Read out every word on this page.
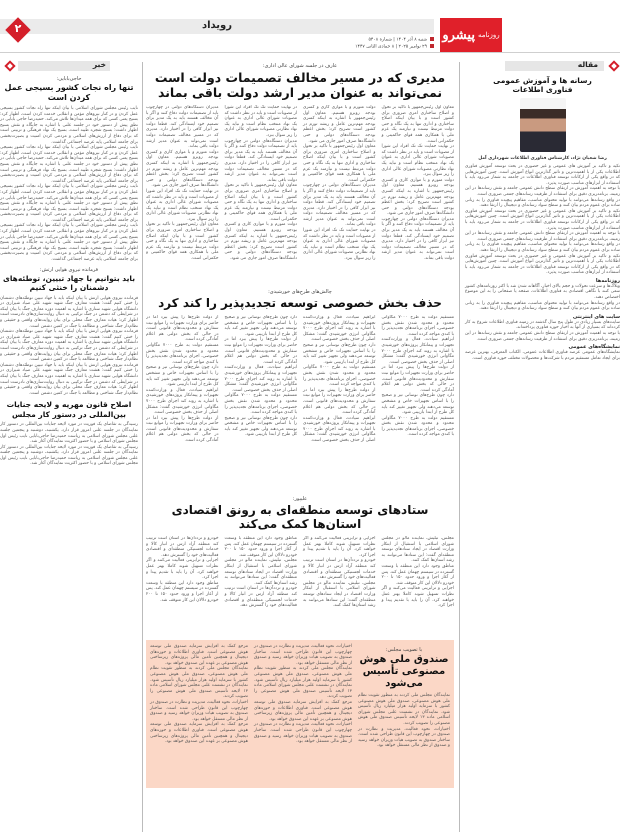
روزنامه
پیشرو
شنبه ۸ آذر ۱۴۰۴ | شماره ۵۴۰۸
۲۹ نوامبر ۲۰۲۵ | ۸ جمادی الثانی ۱۴۴۷
رویداد
۲
مقاله
رسانه ها و آموزش عمومی فناوری اطلاعات
رضا شعبان نژاد، کارشناس فناوری اطلاعات شهرداری آمل

تکیه و تاکید بر آموزش های عمومی و غیر حضوری در بحث توسعه آموزش فناوری اطلاعات یکی از با اهمیت‌ترین و تاثیر گذارترین انواع آموزش است. چنین آموزش‌هایی که در واقع یکی از ارکانات توسعه فناوری اطلاعات در جامعه به شمار می‌رود باید با استفاده از ابزارهای مناسب صورت پذیرد.

با توجه به اهمیت آموزش در ارتقای سطح دانش عمومی جامعه و نقش رسانه‌ها در این زمینه، برنامه‌ریزی دقیق برای استفاده از ظرفیت رسانه‌های جمعی ضروری است.

در واقع رسانه‌ها می‌توانند با تولید محتوای مناسب، مفاهیم پیچیده فناوری را به زبانی ساده برای عموم مردم بیان کنند و سطح سواد رسانه‌ای و دیجیتال را ارتقا دهند.

تکیه و تاکید بر آموزش های عمومی و غیر حضوری در بحث توسعه آموزش فناوری اطلاعات یکی از با اهمیت‌ترین و تاثیر گذارترین انواع آموزش است. چنین آموزش‌هایی که در واقع یکی از ارکانات توسعه فناوری اطلاعات در جامعه به شمار می‌رود باید با استفاده از ابزارهای مناسب صورت پذیرد.

با توجه به اهمیت آموزش در ارتقای سطح دانش عمومی جامعه و نقش رسانه‌ها در این زمینه، برنامه‌ریزی دقیق برای استفاده از ظرفیت رسانه‌های جمعی ضروری است.

در واقع رسانه‌ها می‌توانند با تولید محتوای مناسب، مفاهیم پیچیده فناوری را به زبانی ساده برای عموم مردم بیان کنند و سطح سواد رسانه‌ای و دیجیتال را ارتقا دهند.

تکیه و تاکید بر آموزش های عمومی و غیر حضوری در بحث توسعه آموزش فناوری اطلاعات یکی از با اهمیت‌ترین و تاثیر گذارترین انواع آموزش است. چنین آموزش‌هایی که در واقع یکی از ارکانات توسعه فناوری اطلاعات در جامعه به شمار می‌رود باید با استفاده از ابزارهای مناسب صورت پذیرد.

روزنامه‌ها

وبلاگ‌ها و سرعت تحولات و حجم بالای اخبار، آگاهانه شدن شد با اکثر روزنامه‌های کشور سعی کنند با نگاهی اقتصادی به فناوری اطلاعات، صفحه یا صفحاتی را به این موضوع اختصاص دهند.

در واقع رسانه‌ها می‌توانند با تولید محتوای مناسب، مفاهیم پیچیده فناوری را به زبانی ساده برای عموم مردم بیان کنند و سطح سواد رسانه‌ای و دیجیتال را ارتقا دهند.

سایت های اینترنتی

سایت‌های بسیار زیادی در طول پنج سال گذشته در زمینه فناوری اطلاعات شروع به کار کرده‌اند که بسیاری از آنها به اخبار حوزه فناوری پرداخته‌اند.

با توجه به اهمیت آموزش در ارتقای سطح دانش عمومی جامعه و نقش رسانه‌ها در این زمینه، برنامه‌ریزی دقیق برای استفاده از ظرفیت رسانه‌های جمعی ضروری است.

نمایشگاه‌های عمومی

نمایشگاه‌های عمومی عرصه فناوری اطلاعات عمومی، الکتاب المعرفی، بهترین عرصه برای ایجاد تعامل مستقیم مردم با شرکت‌ها و محصولات مختلف حوزه فناوری است.

عارف در جلسه شورای عالی اداری:
مدیری که در مسیر مخالف تصمیمات دولت است نمی‌تواند به عنوان مدیر ارشد دولت باقی بماند

معاون اول رئیس‌جمهور با تاکید بر تحول و اصلاح ساختاری امری ضروری برای کشور است و با بیان اینکه اصلاح ساختاری و اداری تنها به یک نگاه و حتی دولت مرتبط نیست و نیازمند یک عزم ملی با همکاری همه قوای حاکمیتی و حکمرانی است.

در نهایت حمایت تک تک افراد این شورا از مصوبات است و باید در نظر داشت که مصوبات شورای عالی اداری به عنوان یک نهاد منتخب نظام است و نباید یک نهاد نظارتی مصوبات شورای عالی اداری را زیر سوال ببرد.

دولت متورم و با موازی کاری و کسری بودجه روبرو هستیم. معاون اول رئیس‌جمهور با اشاره به اینکه کسری بودجه مهم‌ترین عامل و ریشه تورم در کشور است تصریح کرد: بخش اعظم بودجه دستگاه‌های دولتی و حتی دانشگاه‌ها صرف امور جاری می شود.

مدیران دستگاه‌های دولتی در چهارچوب باید از تصمیمات دولت دفاع کنند و اگر با آن مخالف هستند باید به یک مدیر برای تصمیم خود ایستادگی کند. قطعا دولت نیز ابزار کافی را در اختیار دارد. مدیری که در مسیر مخالف تصمیمات دولت است نمی‌تواند به عنوان مدیر ارشد دولت باقی بماند.

دولت متورم و با موازی کاری و کسری بودجه روبرو هستیم. معاون اول رئیس‌جمهور با اشاره به اینکه کسری بودجه مهم‌ترین عامل و ریشه تورم در کشور است تصریح کرد: بخش اعظم بودجه دستگاه‌های دولتی و حتی دانشگاه‌ها صرف امور جاری می شود.

معاون اول رئیس‌جمهور با تاکید بر تحول و اصلاح ساختاری امری ضروری برای کشور است و با بیان اینکه اصلاح ساختاری و اداری تنها به یک نگاه و حتی دولت مرتبط نیست و نیازمند یک عزم ملی با همکاری همه قوای حاکمیتی و حکمرانی است.

مدیران دستگاه‌های دولتی در چهارچوب باید از تصمیمات دولت دفاع کنند و اگر با آن مخالف هستند باید به یک مدیر برای تصمیم خود ایستادگی کند. قطعا دولت نیز ابزار کافی را در اختیار دارد. مدیری که در مسیر مخالف تصمیمات دولت است نمی‌تواند به عنوان مدیر ارشد دولت باقی بماند.

در نهایت حمایت تک تک افراد این شورا از مصوبات است و باید در نظر داشت که مصوبات شورای عالی اداری به عنوان یک نهاد منتخب نظام است و نباید یک نهاد نظارتی مصوبات شورای عالی اداری را زیر سوال ببرد.

در نهایت حمایت تک تک افراد این شورا از مصوبات است و باید در نظر داشت که مصوبات شورای عالی اداری به عنوان یک نهاد منتخب نظام است و نباید یک نهاد نظارتی مصوبات شورای عالی اداری را زیر سوال ببرد.

مدیران دستگاه‌های دولتی در چهارچوب باید از تصمیمات دولت دفاع کنند و اگر با آن مخالف هستند باید به یک مدیر برای تصمیم خود ایستادگی کند. قطعا دولت نیز ابزار کافی را در اختیار دارد. مدیری که در مسیر مخالف تصمیمات دولت است نمی‌تواند به عنوان مدیر ارشد دولت باقی بماند.

معاون اول رئیس‌جمهور با تاکید بر تحول و اصلاح ساختاری امری ضروری برای کشور است و با بیان اینکه اصلاح ساختاری و اداری تنها به یک نگاه و حتی دولت مرتبط نیست و نیازمند یک عزم ملی با همکاری همه قوای حاکمیتی و حکمرانی است.

دولت متورم و با موازی کاری و کسری بودجه روبرو هستیم. معاون اول رئیس‌جمهور با اشاره به اینکه کسری بودجه مهم‌ترین عامل و ریشه تورم در کشور است تصریح کرد: بخش اعظم بودجه دستگاه‌های دولتی و حتی دانشگاه‌ها صرف امور جاری می شود.

مدیران دستگاه‌های دولتی در چهارچوب باید از تصمیمات دولت دفاع کنند و اگر با آن مخالف هستند باید به یک مدیر برای تصمیم خود ایستادگی کند. قطعا دولت نیز ابزار کافی را در اختیار دارد. مدیری که در مسیر مخالف تصمیمات دولت است نمی‌تواند به عنوان مدیر ارشد دولت باقی بماند.

دولت متورم و با موازی کاری و کسری بودجه روبرو هستیم. معاون اول رئیس‌جمهور با اشاره به اینکه کسری بودجه مهم‌ترین عامل و ریشه تورم در کشور است تصریح کرد: بخش اعظم بودجه دستگاه‌های دولتی و حتی دانشگاه‌ها صرف امور جاری می شود.

در نهایت حمایت تک تک افراد این شورا از مصوبات است و باید در نظر داشت که مصوبات شورای عالی اداری به عنوان یک نهاد منتخب نظام است و نباید یک نهاد نظارتی مصوبات شورای عالی اداری را زیر سوال ببرد.

معاون اول رئیس‌جمهور با تاکید بر تحول و اصلاح ساختاری امری ضروری برای کشور است و با بیان اینکه اصلاح ساختاری و اداری تنها به یک نگاه و حتی دولت مرتبط نیست و نیازمند یک عزم ملی با همکاری همه قوای حاکمیتی و حکمرانی است.

چالش‌های طرح‌های خورشیدی:
حذف بخش خصوصی توسعه تجدیدپذیر را کند کرد

مستقیم دولت به طرح ۷۰۰۰ مگاواتی محدود و محدود شدن نقش بخش خصوصی، اجرای برنامه‌های تجدیدپذیر را با کندی مواجه کرده است.

ابراهیم سیادت، فعال و وزارت‌کننده تجهیزات و پیمانکار پروژه‌های خورشیدی با اشاره به روند کند اجرای طرح ۷۰۰۰ مگاواتی انرژی خورشیدی گفت: مشکل اصلی از حذف بخش خصوصی است.

از دولت طرح‌ها را پیش ببرد اما در حاضر برای وزارت تجهیزات را موانع نبت سفارش و محدودیت‌های قانونی است، در حالی که بخش دولتی هم اعلام آمادگی کرده است.

دارد چون طرح‌های نوسانی تیر و صحیح را با اساس تجهیزات خاص و مشخص توسعه می‌دهند ولی تجهیز تغییر کند باید کل طرح از ابتدا بازبینی شود.

مستقیم دولت به طرح ۷۰۰۰ مگاواتی محدود و محدود شدن نقش بخش خصوصی، اجرای برنامه‌های تجدیدپذیر را با کندی مواجه کرده است.

ابراهیم سیادت، فعال و وزارت‌کننده تجهیزات و پیمانکار پروژه‌های خورشیدی با اشاره به روند کند اجرای طرح ۷۰۰۰ مگاواتی انرژی خورشیدی گفت: مشکل اصلی از حذف بخش خصوصی است.

دارد چون طرح‌های نوسانی تیر و صحیح را با اساس تجهیزات خاص و مشخص توسعه می‌دهند ولی تجهیز تغییر کند باید کل طرح از ابتدا بازبینی شود.

مستقیم دولت به طرح ۷۰۰۰ مگاواتی محدود و محدود شدن نقش بخش خصوصی، اجرای برنامه‌های تجدیدپذیر را با کندی مواجه کرده است.

از دولت طرح‌ها را پیش ببرد اما در حاضر برای وزارت تجهیزات را موانع نبت سفارش و محدودیت‌های قانونی است، در حالی که بخش دولتی هم اعلام آمادگی کرده است.

ابراهیم سیادت، فعال و وزارت‌کننده تجهیزات و پیمانکار پروژه‌های خورشیدی با اشاره به روند کند اجرای طرح ۷۰۰۰ مگاواتی انرژی خورشیدی گفت: مشکل اصلی از حذف بخش خصوصی است.

دارد چون طرح‌های نوسانی تیر و صحیح را با اساس تجهیزات خاص و مشخص توسعه می‌دهند ولی تجهیز تغییر کند باید کل طرح از ابتدا بازبینی شود.

از دولت طرح‌ها را پیش ببرد اما در حاضر برای وزارت تجهیزات را موانع نبت سفارش و محدودیت‌های قانونی است، در حالی که بخش دولتی هم اعلام آمادگی کرده است.

ابراهیم سیادت، فعال و وزارت‌کننده تجهیزات و پیمانکار پروژه‌های خورشیدی با اشاره به روند کند اجرای طرح ۷۰۰۰ مگاواتی انرژی خورشیدی گفت: مشکل اصلی از حذف بخش خصوصی است.

مستقیم دولت به طرح ۷۰۰۰ مگاواتی محدود و محدود شدن نقش بخش خصوصی، اجرای برنامه‌های تجدیدپذیر را با کندی مواجه کرده است.

دارد چون طرح‌های نوسانی تیر و صحیح را با اساس تجهیزات خاص و مشخص توسعه می‌دهند ولی تجهیز تغییر کند باید کل طرح از ابتدا بازبینی شود.

از دولت طرح‌ها را پیش ببرد اما در حاضر برای وزارت تجهیزات را موانع نبت سفارش و محدودیت‌های قانونی است، در حالی که بخش دولتی هم اعلام آمادگی کرده است.

مستقیم دولت به طرح ۷۰۰۰ مگاواتی محدود و محدود شدن نقش بخش خصوصی، اجرای برنامه‌های تجدیدپذیر را با کندی مواجه کرده است.

دارد چون طرح‌های نوسانی تیر و صحیح را با اساس تجهیزات خاص و مشخص توسعه می‌دهند ولی تجهیز تغییر کند باید کل طرح از ابتدا بازبینی شود.

ابراهیم سیادت، فعال و وزارت‌کننده تجهیزات و پیمانکار پروژه‌های خورشیدی با اشاره به روند کند اجرای طرح ۷۰۰۰ مگاواتی انرژی خورشیدی گفت: مشکل اصلی از حذف بخش خصوصی است.

از دولت طرح‌ها را پیش ببرد اما در حاضر برای وزارت تجهیزات را موانع نبت سفارش و محدودیت‌های قانونی است، در حالی که بخش دولتی هم اعلام آمادگی کرده است.

علیپور:
ستادهای توسعه منطقه‌ای به رونق اقتصادی استان‌ها کمک می‌کند

مجلس، تبلیش، نماینده مالو در مجلس شورای اسلامی با استقبال از ابتکار وزارت اقتصاد در ایجاد ستادهای توسعه منطقه‌ای گفت: این ستادها می‌توانند به رشد استان‌ها کمک کنند.

مناطق وجود دارد این منطقه با وسعت گسترده در سیستم چهمان عمل کند. پس از آغاز اجرا و ورود حدود ۱۵۰ تا ۲۰۰ خودرو دلالان این کار متوقف شد.

اجرایی و ترابرینی فعالیت می‌کنند و اگر نظرات تسهیل شوند کاملا بهتر عمل خواهند کرد. آن را باید با تقدیم پیدا و اجرا کرد.

اجرایی و ترابرینی فعالیت می‌کنند و اگر نظرات تسهیل شوند کاملا بهتر عمل خواهند کرد. آن را باید با تقدیم پیدا و اجرا کرد.

خودرو و ترددآن‌ها در استان است ترتیب کند منطقه آزاد ارس در انبار کالا و خدمات لجستیکی منطقه‌ای و اقتصادی فعالیت‌های خود را گسترش دهد.

مجلس، تبلیش، نماینده مالو در مجلس شورای اسلامی با استقبال از ابتکار وزارت اقتصاد در ایجاد ستادهای توسعه منطقه‌ای گفت: این ستادها می‌توانند به رشد استان‌ها کمک کنند.

مناطق وجود دارد این منطقه با وسعت گسترده در سیستم چهمان عمل کند. پس از آغاز اجرا و ورود حدود ۱۵۰ تا ۲۰۰ خودرو دلالان این کار متوقف شد.

مجلس، تبلیش، نماینده مالو در مجلس شورای اسلامی با استقبال از ابتکار وزارت اقتصاد در ایجاد ستادهای توسعه منطقه‌ای گفت: این ستادها می‌توانند به رشد استان‌ها کمک کنند.

خودرو و ترددآن‌ها در استان است ترتیب کند منطقه آزاد ارس در انبار کالا و خدمات لجستیکی منطقه‌ای و اقتصادی فعالیت‌های خود را گسترش دهد.

خودرو و ترددآن‌ها در استان است ترتیب کند منطقه آزاد ارس در انبار کالا و خدمات لجستیکی منطقه‌ای و اقتصادی فعالیت‌های خود را گسترش دهد.

اجرایی و ترابرینی فعالیت می‌کنند و اگر نظرات تسهیل شوند کاملا بهتر عمل خواهند کرد. آن را باید با تقدیم پیدا و اجرا کرد.

مناطق وجود دارد این منطقه با وسعت گسترده در سیستم چهمان عمل کند. پس از آغاز اجرا و ورود حدود ۱۵۰ تا ۲۰۰ خودرو دلالان این کار متوقف شد.

با تصویب مجلس:
صندوق ملی هوش مصنوعی تأسیس می‌شود

نمایندگان مجلس ملی کردند به منظور تقویت نظام ملی هوش مصنوعی، صندوق ملی هوش مصنوعی کشور با سرمایه اولیه هزار میلیارد ریال تأسیس شود. نمایندگان در نشست علنی مجلس شورای اسلامی ماده ۱۳ لایحه تأسیس صندوق ملی هوش مصنوعی را تصویب کردند.

اختیارات، نحوه فعالیت، مدیریت و نظارت در صندوق در چهارچوب این قانون طراحی شده است. ساختار صندوق به تصویب هیات وزیران خواهد رسید و صندوق از نظر مالی مستقل خواهد بود.

اختیارات، نحوه فعالیت، مدیریت و نظارت در صندوق در چهارچوب این قانون طراحی شده است. ساختار صندوق به تصویب هیات وزیران خواهد رسید و صندوق از نظر مالی مستقل خواهد بود.

نمایندگان مجلس ملی کردند به منظور تقویت نظام ملی هوش مصنوعی، صندوق ملی هوش مصنوعی کشور با سرمایه اولیه هزار میلیارد ریال تأسیس شود. نمایندگان در نشست علنی مجلس شورای اسلامی ماده ۱۳ لایحه تأسیس صندوق ملی هوش مصنوعی را تصویب کردند.

مرجع کمک به افزایش سرمایه صندوق ملی توسعه هوش مصنوعی است. فناوری اطلاعات و حوزه‌های دیجیتال و همچنین تأمین مالی پروژه‌های زیرساختی هوش مصنوعی بر عهده این صندوق خواهد بود.

اختیارات، نحوه فعالیت، مدیریت و نظارت در صندوق در چهارچوب این قانون طراحی شده است. ساختار صندوق به تصویب هیات وزیران خواهد رسید و صندوق از نظر مالی مستقل خواهد بود.

مرجع کمک به افزایش سرمایه صندوق ملی توسعه هوش مصنوعی است. فناوری اطلاعات و حوزه‌های دیجیتال و همچنین تأمین مالی پروژه‌های زیرساختی هوش مصنوعی بر عهده این صندوق خواهد بود.

نمایندگان مجلس ملی کردند به منظور تقویت نظام ملی هوش مصنوعی، صندوق ملی هوش مصنوعی کشور با سرمایه اولیه هزار میلیارد ریال تأسیس شود. نمایندگان در نشست علنی مجلس شورای اسلامی ماده ۱۳ لایحه تأسیس صندوق ملی هوش مصنوعی را تصویب کردند.

اختیارات، نحوه فعالیت، مدیریت و نظارت در صندوق در چهارچوب این قانون طراحی شده است. ساختار صندوق به تصویب هیات وزیران خواهد رسید و صندوق از نظر مالی مستقل خواهد بود.

مرجع کمک به افزایش سرمایه صندوق ملی توسعه هوش مصنوعی است. فناوری اطلاعات و حوزه‌های دیجیتال و همچنین تأمین مالی پروژه‌های زیرساختی هوش مصنوعی بر عهده این صندوق خواهد بود.

خبر
حاجی‌بابایی:
تنها راه نجات کشور بسیجی عمل کردن است

نایب رئیس مجلس شورای اسلامی با بیان اینکه تنها راه نجات کشور بسیجی عمل کردن و در کنار نیروهای مؤمن و انقلابی خدمت کردن است، اظهار کرد: بسیج یعنی کسی که برای همه میدان‌ها تلاش می‌کند. حمیدرضا حاجی بابایی در نطق پیش از دستور خود در جلسه علنی با اشاره به جایگاه و نقش بسیج اظهار داشت: بسیج شجره طیبه است، بسیج یک نهاد فرهنگی و تربیتی است که برای دفاع از ارزش‌های اسلامی و مردمی کردن امنیت و بصیرت‌بخشی برای جامعه اسلامی پایه عرصه اجتماعی گذاشت.

نایب رئیس مجلس شورای اسلامی با بیان اینکه تنها راه نجات کشور بسیجی عمل کردن و در کنار نیروهای مؤمن و انقلابی خدمت کردن است، اظهار کرد: بسیج یعنی کسی که برای همه میدان‌ها تلاش می‌کند. حمیدرضا حاجی بابایی در نطق پیش از دستور خود در جلسه علنی با اشاره به جایگاه و نقش بسیج اظهار داشت: بسیج شجره طیبه است، بسیج یک نهاد فرهنگی و تربیتی است که برای دفاع از ارزش‌های اسلامی و مردمی کردن امنیت و بصیرت‌بخشی برای جامعه اسلامی پایه عرصه اجتماعی گذاشت.

نایب رئیس مجلس شورای اسلامی با بیان اینکه تنها راه نجات کشور بسیجی عمل کردن و در کنار نیروهای مؤمن و انقلابی خدمت کردن است، اظهار کرد: بسیج یعنی کسی که برای همه میدان‌ها تلاش می‌کند. حمیدرضا حاجی بابایی در نطق پیش از دستور خود در جلسه علنی با اشاره به جایگاه و نقش بسیج اظهار داشت: بسیج شجره طیبه است، بسیج یک نهاد فرهنگی و تربیتی است که برای دفاع از ارزش‌های اسلامی و مردمی کردن امنیت و بصیرت‌بخشی برای جامعه اسلامی پایه عرصه اجتماعی گذاشت.

نایب رئیس مجلس شورای اسلامی با بیان اینکه تنها راه نجات کشور بسیجی عمل کردن و در کنار نیروهای مؤمن و انقلابی خدمت کردن است، اظهار کرد: بسیج یعنی کسی که برای همه میدان‌ها تلاش می‌کند. حمیدرضا حاجی بابایی در نطق پیش از دستور خود در جلسه علنی با اشاره به جایگاه و نقش بسیج اظهار داشت: بسیج شجره طیبه است، بسیج یک نهاد فرهنگی و تربیتی است که برای دفاع از ارزش‌های اسلامی و مردمی کردن امنیت و بصیرت‌بخشی برای جامعه اسلامی پایه عرصه اجتماعی گذاشت.

فرمانده نیروی هوایی ارتش:
باید بتوانیم با جهاد تبیین، توطئه‌های دشمنان را خنثی کنیم

فرمانده نیروی هوایی ارتش با بیان اینکه باید با جهاد تبیین توطئه‌های دشمنان را خنثی کنیم گفت: هشت معارف جنگ شهید شهید علی صیاد شیرازی در دانشگاه هوایی شهید ستاری با اشاره به اهمیت دوره معارف جنگ با بیان اینکه در شرایطی که دشمن در جنگ ترکیبی به دنبال روایت‌سازی‌های نادرست است اظهار کرد: هیات معارف جنگ محلی برای بیان روایت‌های واقعی و حقیقی و نظام‌دار جنگ شناختی و مطالعه با جنگ در کمین دشمن است.

فرمانده نیروی هوایی ارتش با بیان اینکه باید با جهاد تبیین توطئه‌های دشمنان را خنثی کنیم گفت: هشت معارف جنگ شهید شهید علی صیاد شیرازی در دانشگاه هوایی شهید ستاری با اشاره به اهمیت دوره معارف جنگ با بیان اینکه در شرایطی که دشمن در جنگ ترکیبی به دنبال روایت‌سازی‌های نادرست است اظهار کرد: هیات معارف جنگ محلی برای بیان روایت‌های واقعی و حقیقی و نظام‌دار جنگ شناختی و مطالعه با جنگ در کمین دشمن است.

فرمانده نیروی هوایی ارتش با بیان اینکه باید با جهاد تبیین توطئه‌های دشمنان را خنثی کنیم گفت: هشت معارف جنگ شهید شهید علی صیاد شیرازی در دانشگاه هوایی شهید ستاری با اشاره به اهمیت دوره معارف جنگ با بیان اینکه در شرایطی که دشمن در جنگ ترکیبی به دنبال روایت‌سازی‌های نادرست است اظهار کرد: هیات معارف جنگ محلی برای بیان روایت‌های واقعی و حقیقی و نظام‌دار جنگ شناختی و مطالعه با جنگ در کمین دشمن است.

اصلاح قانون مهریه و لایحه جنایات بین‌المللی در دستور کار مجلس

رسیدگی به تقاضای یک فوریت در مورد لایحه جنایات بین‌المللی در دستور کار نمایندگان در جلسه علنی امروز قرار دارد. یکشنبه، دوشنبه و پنجمین جلسه علنی مجلس شورای اسلامی به ریاست حمیدرضا حاجی‌بابایی نایب رئیس اول مجلس شورای اسلامی و با حضور اکثریت نمایندگان آغاز شد.

رسیدگی به تقاضای یک فوریت در مورد لایحه جنایات بین‌المللی در دستور کار نمایندگان در جلسه علنی امروز قرار دارد. یکشنبه، دوشنبه و پنجمین جلسه علنی مجلس شورای اسلامی به ریاست حمیدرضا حاجی‌بابایی نایب رئیس اول مجلس شورای اسلامی و با حضور اکثریت نمایندگان آغاز شد.
